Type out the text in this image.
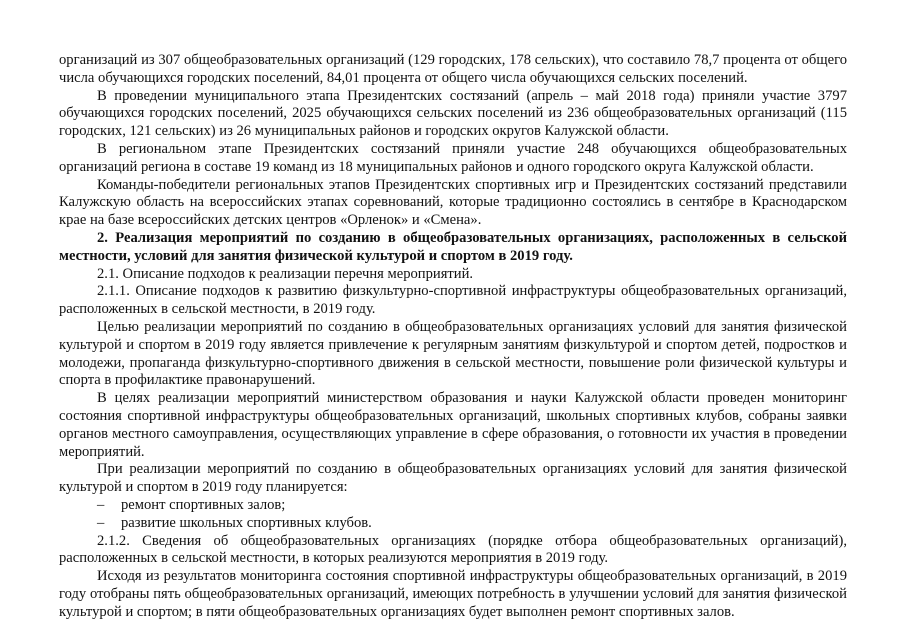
организаций из 307 общеобразовательных организаций (129 городских, 178 сельских), что составило 78,7 процента от общего числа обучающихся городских поселений, 84,01 процента от общего числа обучающихся сельских поселений.

В проведении муниципального этапа Президентских состязаний (апрель – май 2018 года) приняли участие 3797 обучающихся городских поселений, 2025 обучающихся сельских поселений из 236 общеобразовательных организаций (115 городских, 121 сельских) из 26 муниципальных районов и городских округов Калужской области.

В региональном этапе Президентских состязаний приняли участие 248 обучающихся общеобразовательных организаций региона в составе 19 команд из 18 муниципальных районов и одного городского округа Калужской области.

Команды-победители региональных этапов Президентских спортивных игр и Президентских состязаний представили Калужскую область на всероссийских этапах соревнований, которые традиционно состоялись в сентябре в Краснодарском крае на базе всероссийских детских центров «Орленок» и «Смена».

2. Реализация мероприятий по созданию в общеобразовательных организациях, расположенных в сельской местности, условий для занятия физической культурой и спортом в 2019 году.

2.1. Описание подходов к реализации перечня мероприятий.

2.1.1. Описание подходов к развитию физкультурно-спортивной инфраструктуры общеобразовательных организаций, расположенных в сельской местности, в 2019 году.

Целью реализации мероприятий по созданию в общеобразовательных организациях условий для занятия физической культурой и спортом в 2019 году является привлечение к регулярным занятиям физкультурой и спортом детей, подростков и молодежи, пропаганда физкультурно-спортивного движения в сельской местности, повышение роли физической культуры и спорта в профилактике правонарушений.

В целях реализации мероприятий министерством образования и науки Калужской области проведен мониторинг состояния спортивной инфраструктуры общеобразовательных организаций, школьных спортивных клубов, собраны заявки органов местного самоуправления, осуществляющих управление в сфере образования, о готовности их участия в проведении мероприятий.

При реализации мероприятий по созданию в общеобразовательных организациях условий для занятия физической культурой и спортом в 2019 году планируется:

– ремонт спортивных залов;

– развитие школьных спортивных клубов.

2.1.2. Сведения об общеобразовательных организациях (порядке отбора общеобразовательных организаций), расположенных в сельской местности, в которых реализуются мероприятия в 2019 году.

Исходя из результатов мониторинга состояния спортивной инфраструктуры общеобразовательных организаций, в 2019 году отобраны пять общеобразовательных организаций, имеющих потребность в улучшении условий для занятия физической культурой и спортом; в пяти общеобразовательных организациях будет выполнен ремонт спортивных залов.
